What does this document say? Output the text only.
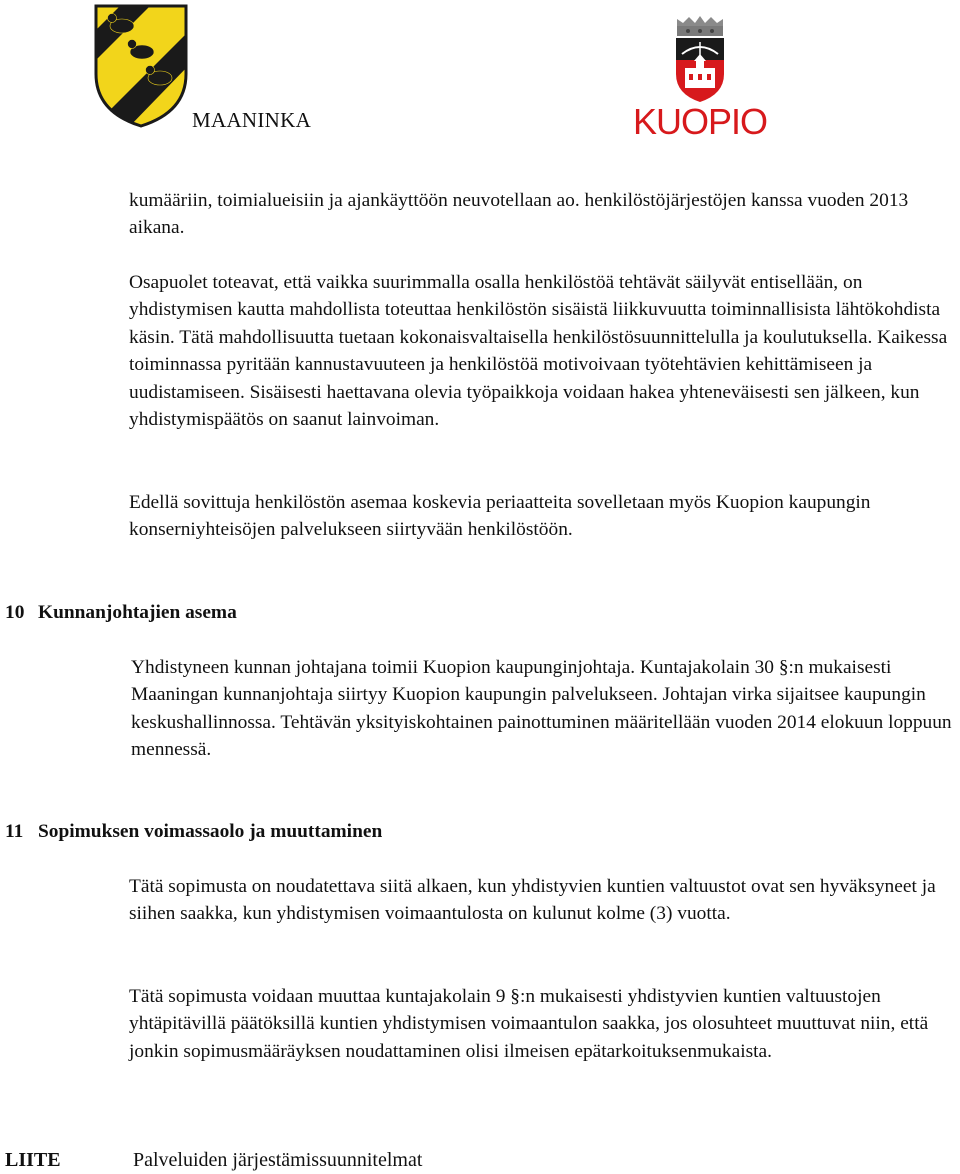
MAANINKA	KUOPIO

kumääriin, toimialueisiin ja ajankäyttöön neuvotellaan ao. henkilöstöjärjestöjen kanssa vuoden 2013 aikana.

Osapuolet toteavat, että vaikka suurimmalla osalla henkilöstöä tehtävät säilyvät entisellään, on yhdistymisen kautta mahdollista toteuttaa henkilöstön sisäistä liikkuvuutta toiminnallisista lähtökohdista käsin. Tätä mahdollisuutta tuetaan kokonaisvaltaisella henkilöstösuunnittelulla ja koulutuksella. Kaikessa toiminnassa pyritään kannustavuuteen ja henkilöstöä motivoivaan työtehtävien kehittämiseen ja uudistamiseen. Sisäisesti haettavana olevia työpaikkoja voidaan hakea yhteneväisesti sen jälkeen, kun yhdistymispäätös on saanut lainvoiman.

Edellä sovittuja henkilöstön asemaa koskevia periaatteita sovelletaan myös Kuopion kaupungin konserniyhteisöjen palvelukseen siirtyvään henkilöstöön.

10 Kunnanjohtajien asema

Yhdistyneen kunnan johtajana toimii Kuopion kaupunginjohtaja. Kuntajakolain 30 §:n mukaisesti Maaningan kunnanjohtaja siirtyy Kuopion kaupungin palvelukseen. Johtajan virka sijaitsee kaupungin keskushallinnossa. Tehtävän yksityiskohtainen painottuminen määritellään vuoden 2014 elokuun loppuun mennessä.

11 Sopimuksen voimassaolo ja muuttaminen

Tätä sopimusta on noudatettava siitä alkaen, kun yhdistyvien kuntien valtuustot ovat sen hyväksyneet ja siihen saakka, kun yhdistymisen voimaantulosta on kulunut kolme (3) vuotta.

Tätä sopimusta voidaan muuttaa kuntajakolain 9 §:n mukaisesti yhdistyvien kuntien valtuustojen yhtäpitävillä päätöksillä kuntien yhdistymisen voimaantulon saakka, jos olosuhteet muuttuvat niin, että jonkin sopimusmääräyksen noudattaminen olisi ilmeisen epätarkoituksenmukaista.

LIITE	Palveluiden järjestämissuunnitelmat
